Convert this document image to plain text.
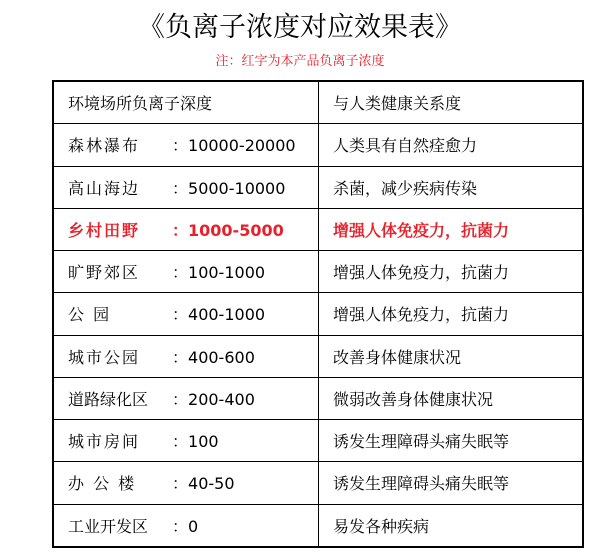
《负离子浓度对应效果表》
注：红字为本产品负离子浓度
环境场所负离子深度	与人类健康关系度
森林瀑布 ：10000-20000	人类具有自然痊愈力
高山海边 ：5000-10000	杀菌，减少疾病传染
乡村田野 ：1000-5000	增强人体免疫力，抗菌力
旷野郊区 ：100-1000	增强人体免疫力，抗菌力
公 园 ：400-1000	增强人体免疫力，抗菌力
城市公园 ：400-600	改善身体健康状况
道路绿化区 ：200-400	微弱改善身体健康状况
城市房间 ：100	诱发生理障碍头痛失眠等
办 公 楼 ：40-50	诱发生理障碍头痛失眠等
工业开发区 ：0	易发各种疾病
